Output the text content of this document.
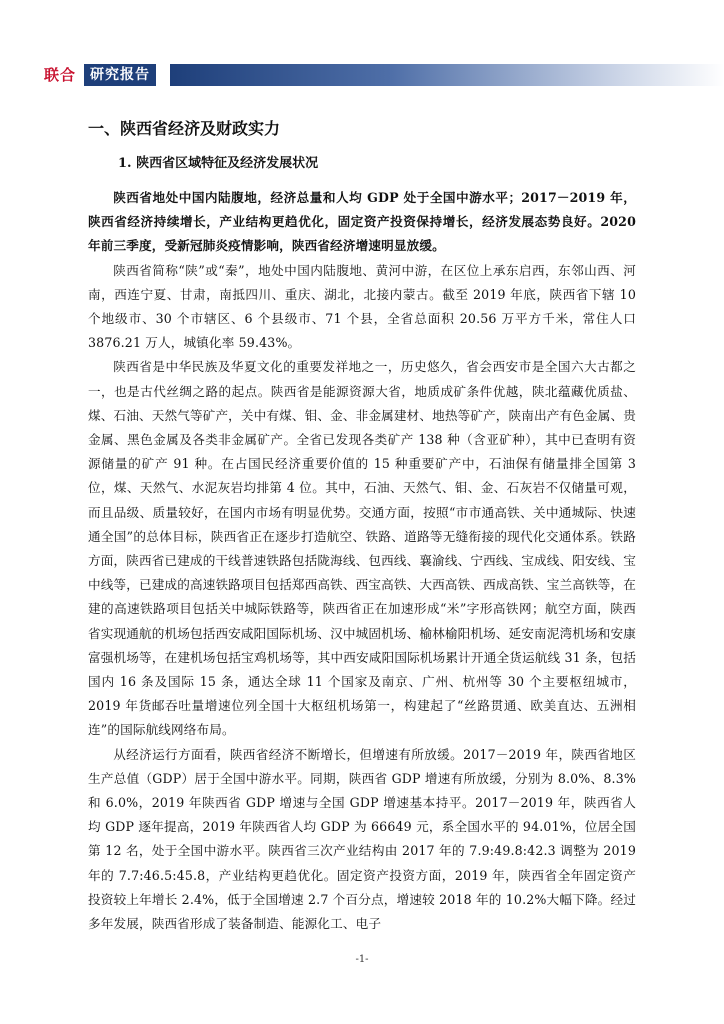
联合 研究报告
一、陕西省经济及财政实力
1. 陕西省区域特征及经济发展状况

陕西省地处中国内陆腹地，经济总量和人均 GDP 处于全国中游水平；2017－2019 年，陕西省经济持续增长，产业结构更趋优化，固定资产投资保持增长，经济发展态势良好。2020 年前三季度，受新冠肺炎疫情影响，陕西省经济增速明显放缓。

陕西省简称“陕”或“秦”，地处中国内陆腹地、黄河中游，在区位上承东启西，东邻山西、河南，西连宁夏、甘肃，南抵四川、重庆、湖北，北接内蒙古。截至 2019 年底，陕西省下辖 10 个地级市、30 个市辖区、6 个县级市、71 个县，全省总面积 20.56 万平方千米，常住人口 3876.21 万人，城镇化率 59.43%。

陕西省是中华民族及华夏文化的重要发祥地之一，历史悠久，省会西安市是全国六大古都之一，也是古代丝绸之路的起点。陕西省是能源资源大省，地质成矿条件优越，陕北蕴藏优质盐、煤、石油、天然气等矿产，关中有煤、钼、金、非金属建材、地热等矿产，陕南出产有色金属、贵金属、黑色金属及各类非金属矿产。全省已发现各类矿产 138 种（含亚矿种），其中已查明有资源储量的矿产 91 种。在占国民经济重要价值的 15 种重要矿产中，石油保有储量排全国第 3 位，煤、天然气、水泥灰岩均排第 4 位。其中，石油、天然气、钼、金、石灰岩不仅储量可观，而且品级、质量较好，在国内市场有明显优势。交通方面，按照“市市通高铁、关中通城际、快速通全国”的总体目标，陕西省正在逐步打造航空、铁路、道路等无缝衔接的现代化交通体系。铁路方面，陕西省已建成的干线普速铁路包括陇海线、包西线、襄渝线、宁西线、宝成线、阳安线、宝中线等，已建成的高速铁路项目包括郑西高铁、西宝高铁、大西高铁、西成高铁、宝兰高铁等，在建的高速铁路项目包括关中城际铁路等，陕西省正在加速形成“米”字形高铁网；航空方面，陕西省实现通航的机场包括西安咸阳国际机场、汉中城固机场、榆林榆阳机场、延安南泥湾机场和安康富强机场等，在建机场包括宝鸡机场等，其中西安咸阳国际机场累计开通全货运航线 31 条，包括国内 16 条及国际 15 条，通达全球 11 个国家及南京、广州、杭州等 30 个主要枢纽城市，2019 年货邮吞吐量增速位列全国十大枢纽机场第一，构建起了“丝路贯通、欧美直达、五洲相连”的国际航线网络布局。

从经济运行方面看，陕西省经济不断增长，但增速有所放缓。2017－2019 年，陕西省地区生产总值（GDP）居于全国中游水平。同期，陕西省 GDP 增速有所放缓，分别为 8.0%、8.3%和 6.0%，2019 年陕西省 GDP 增速与全国 GDP 增速基本持平。2017－2019 年，陕西省人均 GDP 逐年提高，2019 年陕西省人均 GDP 为 66649 元，系全国水平的 94.01%，位居全国第 12 名，处于全国中游水平。陕西省三次产业结构由 2017 年的 7.9:49.8:42.3 调整为 2019 年的 7.7:46.5:45.8，产业结构更趋优化。固定资产投资方面，2019 年，陕西省全年固定资产投资较上年增长 2.4%，低于全国增速 2.7 个百分点，增速较 2018 年的 10.2%大幅下降。经过多年发展，陕西省形成了装备制造、能源化工、电子

-1-
